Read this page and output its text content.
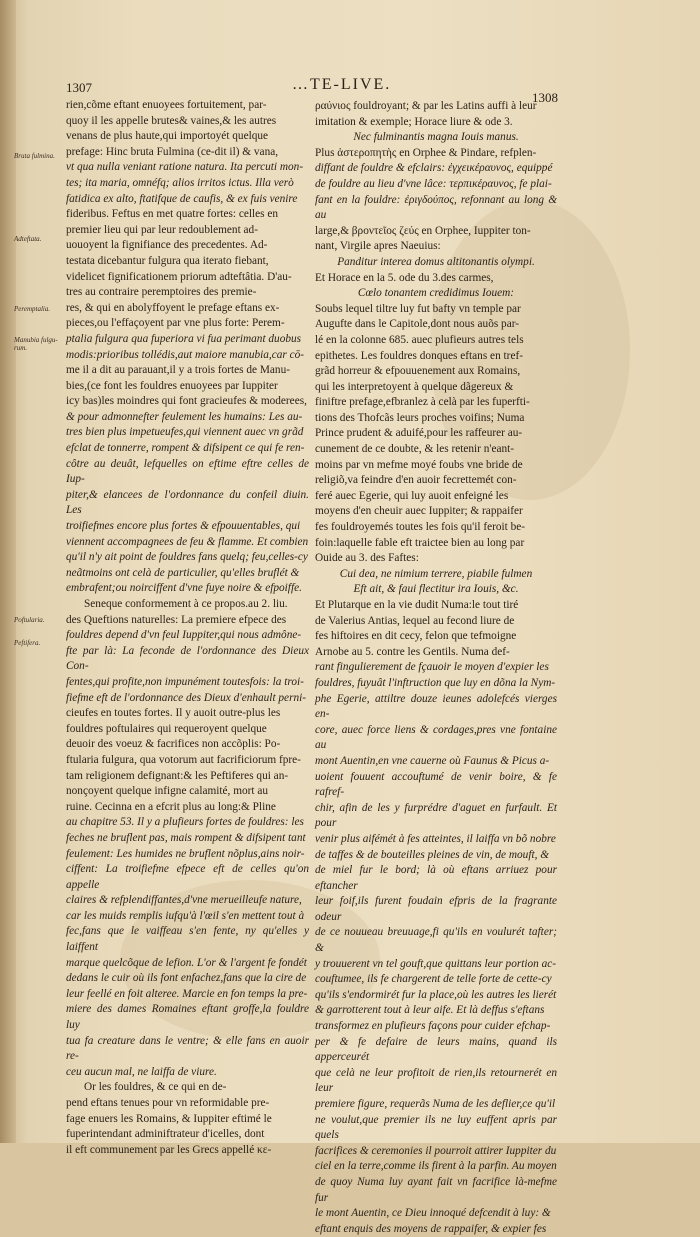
1307	…TE-LIVE.
1308
Bruta fulmina.
Adteftata.
Peremptalia.
Manubia fulgu-rum.
Poftularia.
Peftifera.

rien,cõme eftant enuoyees fortuitement, par-

quoy il les appelle brutes& vaines,& les autres

venans de plus haute,qui importoyét quelque

prefage: Hinc bruta Fulmina (ce-dit il) & vana,

vt qua nulla veniant ratione natura. Ita percuti mon-

tes; ita maria, omnéfq; alios irritos ictus. Illa verò

fatidica ex alto, ftatifque de caufis, & ex fuis venire

fideribus. Feftus en met quatre fortes: celles en

premier lieu qui par leur redoublement ad-

uouoyent la fignifiance des precedentes. Ad-

testata dicebantur fulgura qua iterato fiebant,

videlicet fignificationem priorum adteftâtia. D'au-

tres au contraire peremptoires des premie-

res, & qui en abolyffoyent le prefage eftans ex-

pieces,ou l'effaçoyent par vne plus forte: Perem-

ptalia fulgura qua fuperiora vi fua perimant duobus

modis:prioribus tollédis,aut maiore manubia,car cō-

me il a dit au parauant,il y a trois fortes de Manu-

bies,(ce font les fouldres enuoyees par Iuppiter

icy bas)les moindres qui font gracieufes & moderees,

& pour admonnefter feulement les humains: Les au-

tres bien plus impetueufes,qui viennent auec vn grãd

efclat de tonnerre, rompent & difsipent ce qui fe ren-

côtre au deuât, lefquelles on eftime eftre celles de Iup-

piter,& elancees de l'ordonnance du confeil diuin. Les

troifiefmes encore plus fortes & efpouuentables, qui

viennent accompagnees de feu & flamme. Et combien

qu'il n'y ait point de fouldres fans quelq; feu,celles-cy

neãtmoins ont celà de particulier, qu'elles bruflét &

embrafent;ou noirciffent d'vne fuye noire & efpoiffe.

Seneque conformement à ce propos.au 2. liu.

des Queftions naturelles: La premiere efpece des

fouldres depend d'vn feul Iuppiter,qui nous admône-

fte par là: La feconde de l'ordonnance des Dieux Con-

fentes,qui profite,non impunément toutesfois: la troi-

fiefme eft de l'ordonnance des Dieux d'enhault perni-

cieufes en toutes fortes. Il y auoit outre-plus les

fouldres poftulaires qui requeroyent quelque

deuoir des voeuz & facrifices non accõplis: Po-

ftularia fulgura, qua votorum aut facrificiorum fpre-

tam religionem defignant:& les Peftiferes qui an-

nonçoyent quelque infigne calamité, mort au

ruine. Cecinna en a efcrit plus au long:& Pline

au chapitre 53. Il y a plufieurs fortes de fouldres: les

feches ne bruflent pas, mais rompent & difsipent tant

feulement: Les humides ne bruflent nõplus,ains noir-

ciffent: La troifiefme efpece eft de celles qu'on appelle

claires & refplendiffantes,d'vne merueilleufe nature,

car les muids remplis iufqu'à l'œil s'en mettent tout à

fec,fans que le vaiffeau s'en fente, ny qu'elles y laiffent

marque quelcõque de lefion. L'or & l'argent fe fondét

dedans le cuir où ils font enfachez,fans que la cire de

leur feellé en foit alteree. Marcie en fon temps la pre-

miere des dames Romaines eftant groffe,la fouldre luy

tua fa creature dans le ventre; & elle fans en auoir re-

ceu aucun mal, ne laiffa de viure.

Or les fouldres, & ce qui en de-

pend eftans tenues pour vn reformidable pre-

fage enuers les Romains, & Iuppiter eftimé le

fuperintendant adminiftrateur d'icelles, dont

il eft communement par les Grecs appellé κε-

ραύνιος fouldroyant; & par les Latins auffi à leur

imitation & exemple; Horace liure & ode 3.

Nec fulminantis magna Iouis manus.

Plus ἀστεροπητὴς en Orphee & Pindare, refplen-

diffant de fouldre & efclairs: ἐγχεικέραυνος, equippé

de fouldre au lieu d'vne lâce: τερπικέραυνος, fe plai-

fant en la fouldre: ἐριγδούπος, refonnant au long & au

large,& βροντεῖος ζεύς en Orphee, Iuppiter ton-

nant, Virgile apres Naeuius:

Panditur interea domus altitonantis olympi.

Et Horace en la 5. ode du 3.des carmes,

Cœlo tonantem credidimus Iouem:

Soubs lequel tiltre luy fut bafty vn temple par

Augufte dans le Capitole,dont nous auõs par-

lé en la colonne 685. auec plufieurs autres tels

epithetes. Les fouldres donques eftans en tref-

grãd horreur & efpouuenement aux Romains,

qui les interpretoyent à quelque dãgereux &

finiftre prefage,efbranlez à celà par les fuperfti-

tions des Thofcãs leurs proches voifins; Numa

Prince prudent & aduifé,pour les raffeurer au-

cunement de ce doubte, & les retenir n'eant-

moins par vn mefme moyé foubs vne bride de

religiõ,va feindre d'en auoir fecrettemét con-

feré auec Egerie, qui luy auoit enfeigné les

moyens d'en cheuir auec Iuppiter; & rappaifer

fes fouldroyemés toutes les fois qu'il feroit be-

foin:laquelle fable eft traictee bien au long par

Ouide au 3. des Faftes:

Cui dea, ne nimium terrere, piabile fulmen

Eft ait, & faui flectitur ira Iouis, &c.

Et Plutarque en la vie dudit Numa:le tout tiré

de Valerius Antias, lequel au fecond liure de

fes hiftoires en dit cecy, felon que tefmoigne

Arnobe au 5. contre les Gentils. Numa def-

rant fingulierement de fçauoir le moyen d'expier les

fouldres, fuyuât l'inftruction que luy en dõna la Nym-

phe Egerie, attiltre douze ieunes adolefcés vierges en-

core, auec force liens & cordages,pres vne fontaine au

mont Auentin,en vne cauerne où Faunus & Picus a-

uoient fouuent accouftumé de venir boire, & fe rafref-

chir, afin de les y furprédre d'aguet en furfault. Et pour

venir plus aifémét à fes atteintes, il laiffa vn bõ nobre

de taffes & de bouteilles pleines de vin, de mouft, &

de miel fur le bord; là où eftans arriuez pour eftancher

leur foif,ils furent foudain efpris de la fragrante odeur

de ce nouueau breuuage,fi qu'ils en voulurét tafter; &

y trouuerent vn tel gouft,que quittans leur portion ac-

couftumee, ils fe chargerent de telle forte de cette-cy

qu'ils s'endormirét fur la place,où les autres les lierét

& garrotterent tout à leur aife. Et là deffus s'eftans

transformez en plufieurs façons pour cuider efchap-

per & fe defaire de leurs mains, quand ils apperceurét

que celà ne leur profitoit de rien,ils retournerét en leur

premiere figure, requerãs Numa de les deflier,ce qu'il

ne voulut,que premier ils ne luy euffent apris par quels

facrifices & ceremonies il pourroit attirer Iuppiter du

ciel en la terre,comme ils firent à la parfin. Au moyen

de quoy Numa luy ayant fait vn facrifice là-mefme fur

le mont Auentin, ce Dieu innoqué defcendit à luy: &

eftant enquis des moyens de rappaifer, & expier fes
